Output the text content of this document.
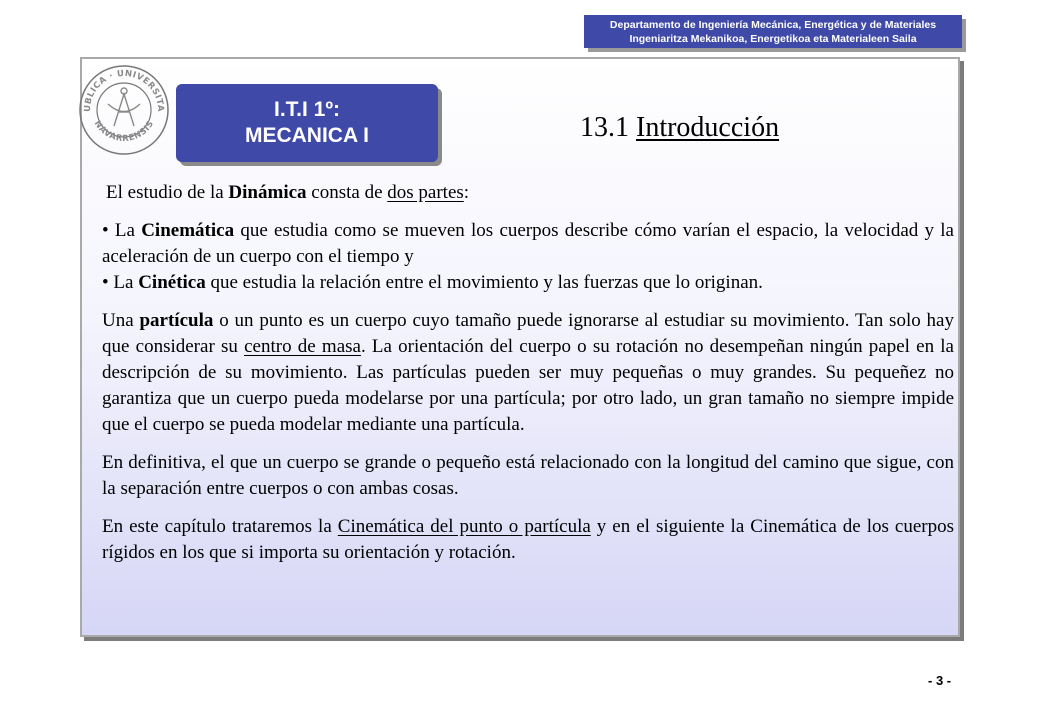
Departamento de Ingeniería Mecánica, Energética y de Materiales
Ingeniaritza Mekanikoa, Energetikoa eta Materialeen Saila
UBLICA · UNIVERSITA
NAVARRENSIS
I.T.I 1º:
MECANICA I	13.1 Introducción

El estudio de la Dinámica consta de dos partes:

• La Cinemática que estudia como se mueven los cuerpos describe cómo varían el espacio, la velocidad y la aceleración de un cuerpo con el tiempo y

• La Cinética que estudia la relación entre el movimiento y las fuerzas que lo originan.

Una partícula o un punto es un cuerpo cuyo tamaño puede ignorarse al estudiar su movimiento. Tan solo hay que considerar su centro de masa. La orientación del cuerpo o su rotación no desempeñan ningún papel en la descripción de su movimiento. Las partículas pueden ser muy pequeñas o muy grandes. Su pequeñez no garantiza que un cuerpo pueda modelarse por una partícula; por otro lado, un gran tamaño no siempre impide que el cuerpo se pueda modelar mediante una partícula.

En definitiva, el que un cuerpo se grande o pequeño está relacionado con la longitud del camino que sigue, con la separación entre cuerpos o con ambas cosas.

En este capítulo trataremos la Cinemática del punto o partícula y en el siguiente la Cinemática de los cuerpos rígidos en los que si importa su orientación y rotación.

- 3 -
